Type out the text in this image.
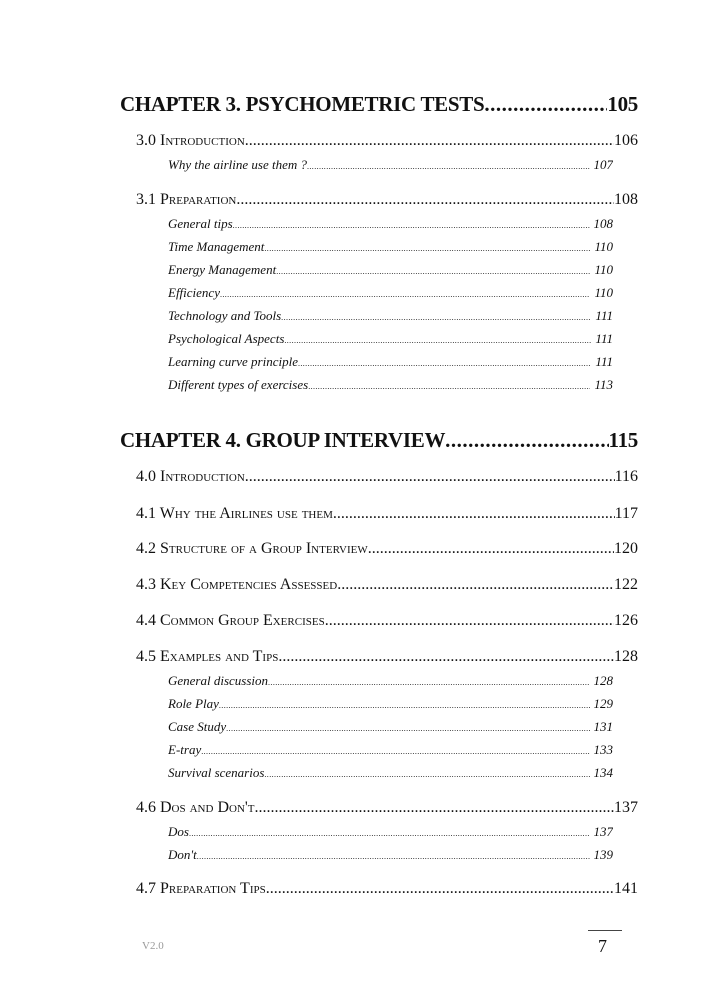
CHAPTER 3. PSYCHOMETRIC TESTS .....	105
3.0 Introduction .....	106
Why the airline use them ? .....	107
3.1 Preparation .....	108
General tips .....	108
Time Management .....	110
Energy Management .....	110
Efficiency .....	110
Technology and Tools .....	111
Psychological Aspects .....	111
Learning curve principle .....	111
Different types of exercises .....	113
CHAPTER 4. GROUP INTERVIEW .....	115
4.0 Introduction .....	116
4.1 Why the Airlines use them .....	117
4.2 Structure of a Group Interview .....	120
4.3 Key Competencies Assessed .....	122
4.4 Common Group Exercises .....	126
4.5 Examples and Tips .....	128
General discussion .....	128
Role Play .....	129
Case Study .....	131
E-tray .....	133
Survival scenarios .....	134
4.6 Dos and Don't .....	137
Dos .....	137
Don't .....	139
4.7 Preparation Tips .....	141
V2.0	7
